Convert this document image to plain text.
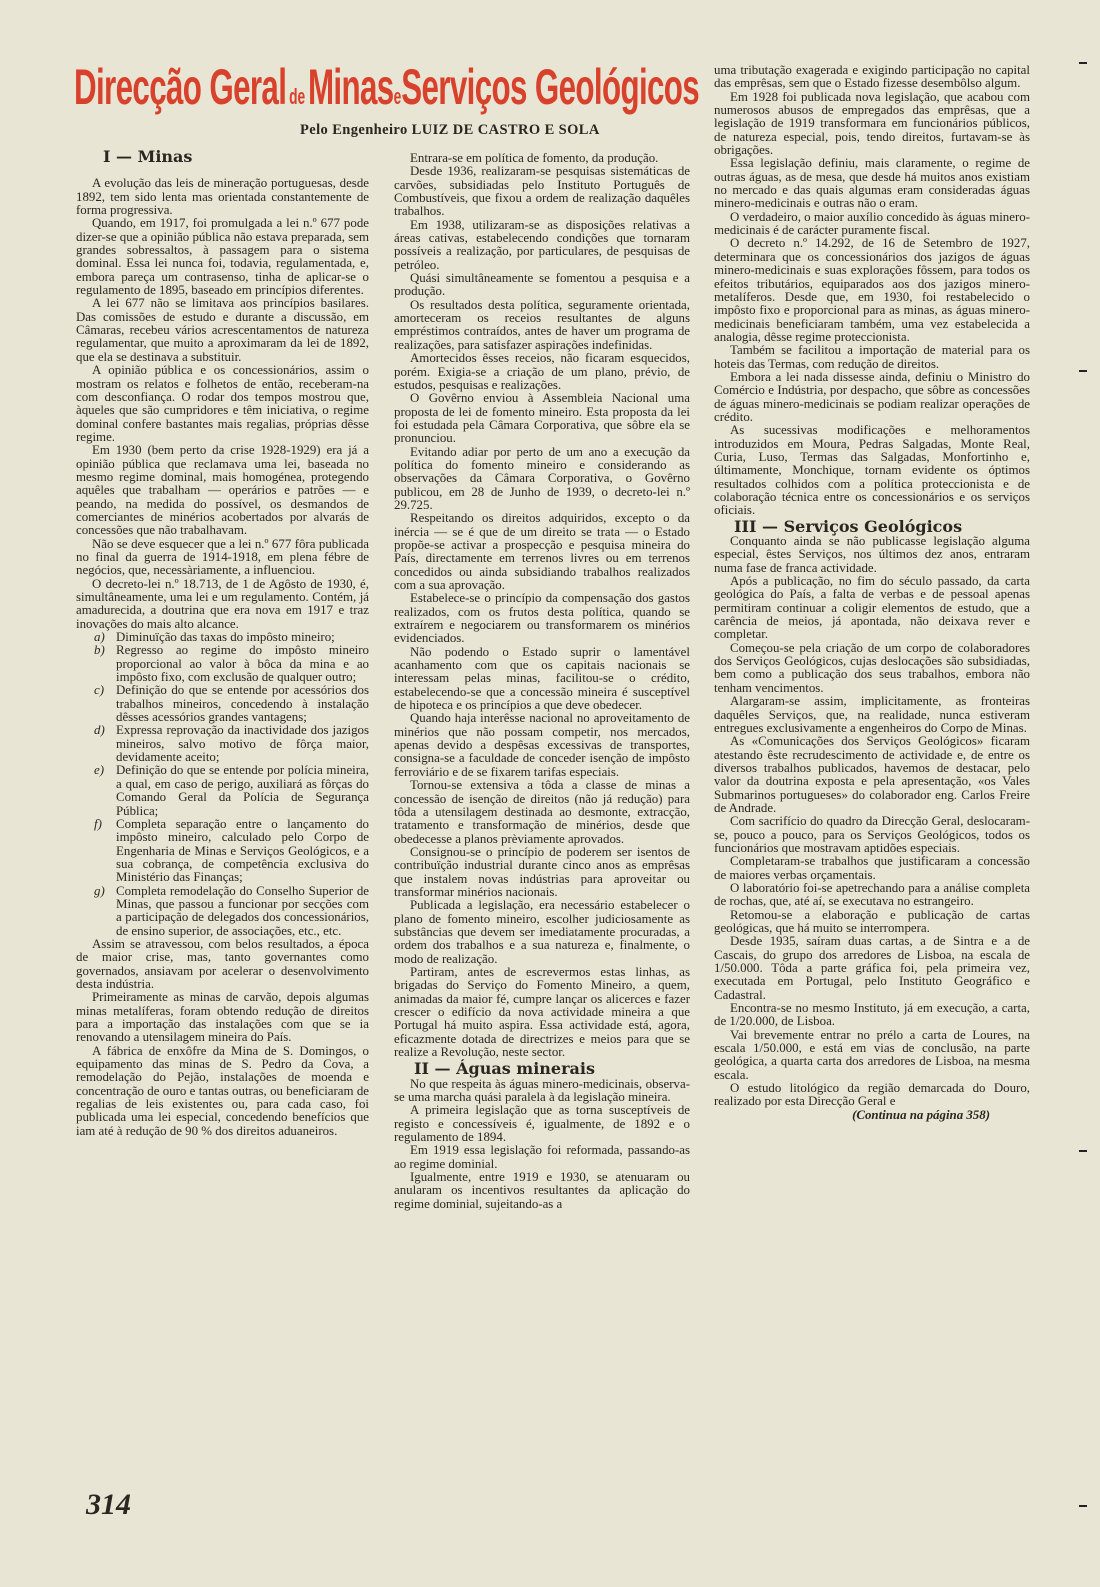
Direcção Geral de MinaseServiços Geológicos
Pelo Engenheiro LUIZ DE CASTRO E SOLA
I — Minas

A evolução das leis de mineração portuguesas, desde 1892, tem sido lenta mas orientada constantemente de forma progressiva.

Quando, em 1917, foi promulgada a lei n.º 677 pode dizer-se que a opinião pública não estava preparada, sem grandes sobressaltos, à passagem para o sistema dominal. Essa lei nunca foi, todavia, regulamentada, e, embora pareça um contrasenso, tinha de aplicar-se o regulamento de 1895, baseado em princípios diferentes.

A lei 677 não se limitava aos princípios basilares. Das comissões de estudo e durante a discussão, em Câmaras, recebeu vários acrescentamentos de natureza regulamentar, que muito a aproximaram da lei de 1892, que ela se destinava a substituir.

A opinião pública e os concessionários, assim o mostram os relatos e folhetos de então, receberam-na com desconfiança. O rodar dos tempos mostrou que, àqueles que são cumpridores e têm iniciativa, o regime dominal confere bastantes mais regalias, próprias dêsse regime.

Em 1930 (bem perto da crise 1928-1929) era já a opinião pública que reclamava uma lei, baseada no mesmo regime dominal, mais homogénea, protegendo aquêles que trabalham — operários e patrões — e peando, na medida do possível, os desmandos de comerciantes de minérios acobertados por alvarás de concessões que não trabalhavam.

Não se deve esquecer que a lei n.º 677 fôra publicada no final da guerra de 1914-1918, em plena fébre de negócios, que, necessàriamente, a influenciou.

O decreto-lei n.º 18.713, de 1 de Agôsto de 1930, é, simultâneamente, uma lei e um regulamento. Contém, já amadurecida, a doutrina que era nova em 1917 e traz inovações do mais alto alcance.

a) Diminuïção das taxas do impôsto mineiro;
b) Regresso ao regime do impôsto mineiro proporcional ao valor à bôca da mina e ao impôsto fixo, com exclusão de qualquer outro;
c) Definição do que se entende por acessórios dos trabalhos mineiros, concedendo à instalação dêsses acessórios grandes vantagens;
d) Expressa reprovação da inactividade dos jazigos mineiros, salvo motivo de fôrça maior, devidamente aceito;
e) Definição do que se entende por polícia mineira, a qual, em caso de perigo, auxiliará as fôrças do Comando Geral da Polícia de Segurança Pública;
f)	Completa separação entre o lançamento do impôsto mineiro, calculado pelo Corpo de Engenharia de Minas e Serviços Geológicos, e a sua cobrança, de competência exclusiva do Ministério das Finanças;
g) Completa remodelação do Conselho Superior de Minas, que passou a funcionar por secções com a participação de delegados dos concessionários, de ensino superior, de associações, etc., etc.

Assim se atravessou, com belos resultados, a época de maior crise, mas, tanto governantes como governados, ansiavam por acelerar o desenvolvimento desta indústria.

Primeiramente as minas de carvão, depois algumas minas metalíferas, foram obtendo redução de direitos para a importação das instalações com que se ia renovando a utensilagem mineira do País.

A fábrica de enxôfre da Mina de S. Domingos, o equipamento das minas de S. Pedro da Cova, a remodelação do Pejão, instalações de moenda e concentração de ouro e tantas outras, ou beneficiaram de regalias de leis existentes ou, para cada caso, foi publicada uma lei especial, concedendo benefícios que iam até à redução de 90 % dos direitos aduaneiros.

Entrara-se em política de fomento, da produção.

Desde 1936, realizaram-se pesquisas sistemáticas de carvões, subsidiadas pelo Instituto Português de Combustíveis, que fixou a ordem de realização daquêles trabalhos.

Em 1938, utilizaram-se as disposições relativas a áreas cativas, estabelecendo condições que tornaram possíveis a realização, por particulares, de pesquisas de petróleo.

Quási simultâneamente se fomentou a pesquisa e a produção.

Os resultados desta política, seguramente orientada, amorteceram os receios resultantes de alguns empréstimos contraídos, antes de haver um programa de realizações, para satisfazer aspirações indefinidas.

Amortecidos êsses receios, não ficaram esquecidos, porém. Exigia-se a criação de um plano, prévio, de estudos, pesquisas e realizações.

O Govêrno enviou à Assembleia Nacional uma proposta de lei de fomento mineiro. Esta proposta da lei foi estudada pela Câmara Corporativa, que sôbre ela se pronunciou.

Evitando adiar por perto de um ano a execução da política do fomento mineiro e considerando as observações da Câmara Corporativa, o Govêrno publicou, em 28 de Junho de 1939, o decreto-lei n.º 29.725.

Respeitando os direitos adquiridos, excepto o da inércia — se é que de um direito se trata — o Estado propõe-se activar a prospecção e pesquisa mineira do País, directamente em terrenos livres ou em terrenos concedidos ou ainda subsidiando trabalhos realizados com a sua aprovação.

Estabelece-se o princípio da compensação dos gastos realizados, com os frutos desta política, quando se extraírem e negociarem ou transformarem os minérios evidenciados.

Não podendo o Estado suprir o lamentável acanhamento com que os capitais nacionais se interessam pelas minas, facilitou-se o crédito, estabelecendo-se que a concessão mineira é susceptível de hipoteca e os princípios a que deve obedecer.

Quando haja interêsse nacional no aproveitamento de minérios que não possam competir, nos mercados, apenas devido a despêsas excessivas de transportes, consigna-se a faculdade de conceder isenção de impôsto ferroviário e de se fixarem tarifas especiais.

Tornou-se extensiva a tôda a classe de minas a concessão de isenção de direitos (não já redução) para tôda a utensilagem destinada ao desmonte, extracção, tratamento e transformação de minérios, desde que obedecesse a planos prèviamente aprovados.

Consignou-se o princípio de poderem ser isentos de contribuïção industrial durante cinco anos as emprêsas que instalem novas indústrias para aproveitar ou transformar minérios nacionais.

Publicada a legislação, era necessário estabelecer o plano de fomento mineiro, escolher judiciosamente as substâncias que devem ser imediatamente procuradas, a ordem dos trabalhos e a sua natureza e, finalmente, o modo de realização.

Partiram, antes de escrevermos estas linhas, as brigadas do Serviço do Fomento Mineiro, a quem, animadas da maior fé, cumpre lançar os alicerces e fazer crescer o edifício da nova actividade mineira a que Portugal há muito aspira. Essa actividade está, agora, eficazmente dotada de directrizes e meios para que se realize a Revolução, neste sector.

II — Águas minerais

No que respeita às águas minero-medicinais, observa-se uma marcha quási paralela à da legislação mineira.

A primeira legislação que as torna susceptíveis de registo e concessíveis é, igualmente, de 1892 e o regulamento de 1894.

Em 1919 essa legislação foi reformada, passando-as ao regime dominial.

Igualmente, entre 1919 e 1930, se atenuaram ou anularam os incentivos resultantes da aplicação do regime dominial, sujeitando-as a

uma tributação exagerada e exigindo participação no capital das emprêsas, sem que o Estado fizesse desembôlso algum.

Em 1928 foi publicada nova legislação, que acabou com numerosos abusos de empregados das emprêsas, que a legislação de 1919 transformara em funcionários públicos, de natureza especial, pois, tendo direitos, furtavam-se às obrigações.

Essa legislação definiu, mais claramente, o regime de outras águas, as de mesa, que desde há muitos anos existiam no mercado e das quais algumas eram consideradas águas minero-medicinais e outras não o eram.

O verdadeiro, o maior auxílio concedido às águas minero-medicinais é de carácter puramente fiscal.

O decreto n.º 14.292, de 16 de Setembro de 1927, determinara que os concessionários dos jazigos de águas minero-medicinais e suas explorações fôssem, para todos os efeitos tributários, equiparados aos dos jazigos minero-metalíferos. Desde que, em 1930, foi restabelecido o impôsto fixo e proporcional para as minas, as águas minero-medicinais beneficiaram também, uma vez estabelecida a analogia, dêsse regime proteccionista.

Também se facilitou a importação de material para os hoteis das Termas, com redução de direitos.

Embora a lei nada dissesse ainda, definiu o Ministro do Comércio e Indústria, por despacho, que sôbre as concessões de águas minero-medicinais se podiam realizar operações de crédito.

As sucessivas modificações e melhoramentos introduzidos em Moura, Pedras Salgadas, Monte Real, Curia, Luso, Termas das Salgadas, Monfortinho e, últimamente, Monchique, tornam evidente os óptimos resultados colhidos com a política proteccionista e de colaboração técnica entre os concessionários e os serviços oficiais.

III — Serviços Geológicos

Conquanto ainda se não publicasse legislação alguma especial, êstes Serviços, nos últimos dez anos, entraram numa fase de franca actividade.

Após a publicação, no fim do século passado, da carta geológica do País, a falta de verbas e de pessoal apenas permitiram continuar a coligir elementos de estudo, que a carência de meios, já apontada, não deixava rever e completar.

Começou-se pela criação de um corpo de colaboradores dos Serviços Geológicos, cujas deslocações são subsidiadas, bem como a publicação dos seus trabalhos, embora não tenham vencimentos.

Alargaram-se assim, implicitamente, as fronteiras daquêles Serviços, que, na realidade, nunca estiveram entregues exclusivamente a engenheiros do Corpo de Minas.

As «Comunicações dos Serviços Geológicos» ficaram atestando êste recrudescimento de actividade e, de entre os diversos trabalhos publicados, havemos de destacar, pelo valor da doutrina exposta e pela apresentação, «os Vales Submarinos portugueses» do colaborador eng. Carlos Freire de Andrade.

Com sacrifício do quadro da Direcção Geral, deslocaram-se, pouco a pouco, para os Serviços Geológicos, todos os funcionários que mostravam aptidões especiais.

Completaram-se trabalhos que justificaram a concessão de maiores verbas orçamentais.

O laboratório foi-se apetrechando para a análise completa de rochas, que, até aí, se executava no estrangeiro.

Retomou-se a elaboração e publicação de cartas geológicas, que há muito se interrompera.

Desde 1935, saíram duas cartas, a de Sintra e a de Cascais, do grupo dos arredores de Lisboa, na escala de 1/50.000. Tôda a parte gráfica foi, pela primeira vez, executada em Portugal, pelo Instituto Geográfico e Cadastral.

Encontra-se no mesmo Instituto, já em execução, a carta, de 1/20.000, de Lisboa.

Vai brevemente entrar no prélo a carta de Loures, na escala 1/50.000, e está em vias de conclusão, na parte geológica, a quarta carta dos arredores de Lisboa, na mesma escala.

O estudo litológico da região demarcada do Douro, realizado por esta Direcção Geral e

(Continua na página 358)
314
